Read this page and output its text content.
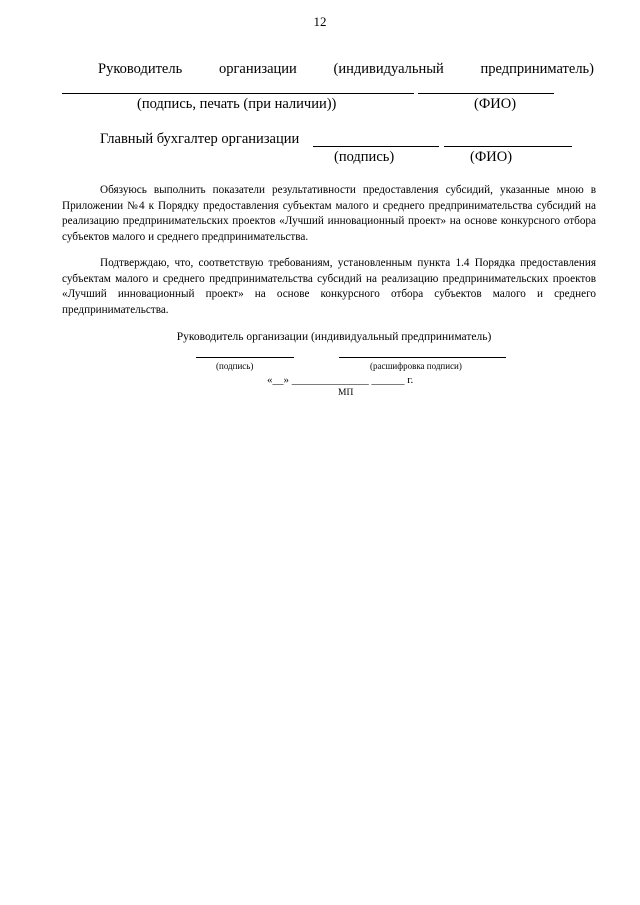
12
Руководитель	организации	(индивидуальный	предприниматель)
(подпись, печать (при наличии))	(ФИО)
Главный бухгалтер организации
(подпись)	(ФИО)

Обязуюсь выполнить показатели результативности предоставления субсидий, указанные мною в Приложении №4 к Порядку предоставления субъектам малого и среднего предпринимательства субсидий на реализацию предпринимательских проектов «Лучший инновационный проект» на основе конкурсного отбора субъектов малого и среднего предпринимательства.

Подтверждаю, что, соответствую требованиям, установленным пункта 1.4 Порядка предоставления субъектам малого и среднего предпринимательства субсидий на реализацию предпринимательских проектов «Лучший инновационный проект» на основе конкурсного отбора субъектов малого и среднего предпринимательства.

Руководитель организации (индивидуальный предприниматель)
(подпись)	(расшифровка подписи)
«__» ______________ ______ г.
МП
